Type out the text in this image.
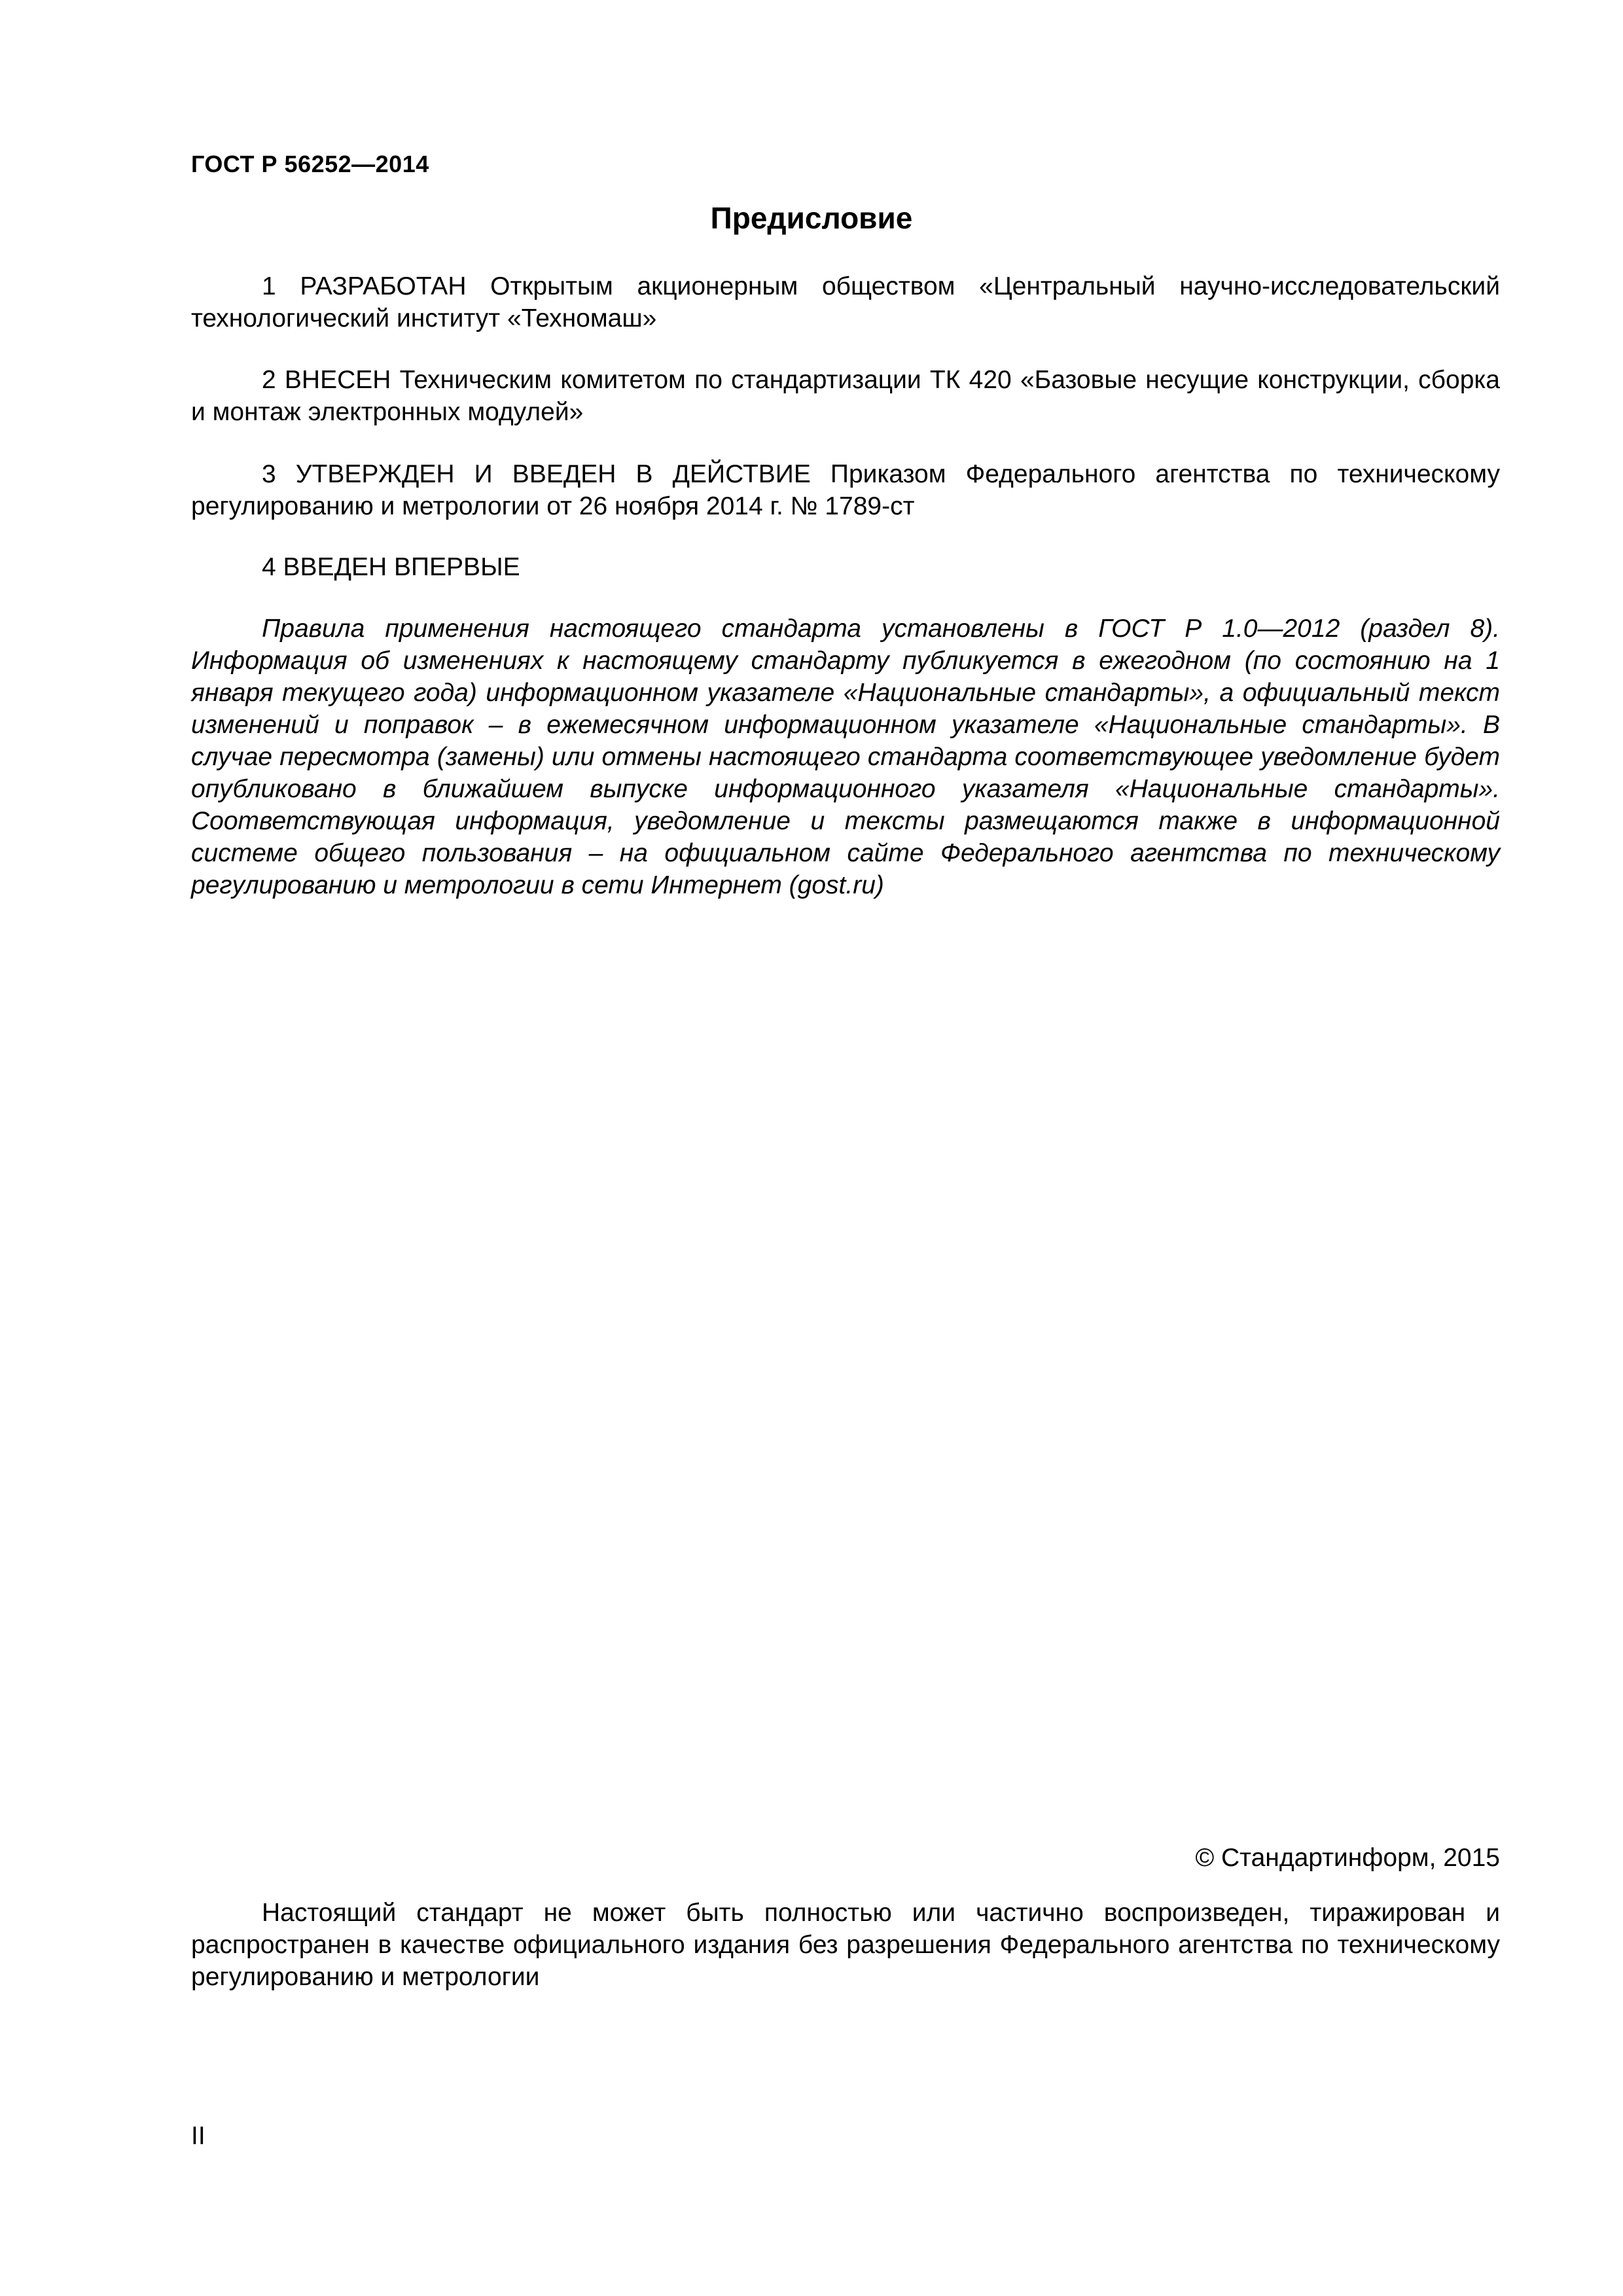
ГОСТ Р 56252—2014
Предисловие
1 РАЗРАБОТАН Открытым акционерным обществом «Центральный научно-исследовательский технологический институт «Техномаш»
2 ВНЕСЕН Техническим комитетом по стандартизации ТК 420 «Базовые несущие конструкции, сборка и монтаж электронных модулей»
3 УТВЕРЖДЕН И ВВЕДЕН В ДЕЙСТВИЕ Приказом Федерального агентства по техническому регулированию и метрологии от 26 ноября 2014 г. № 1789-ст
4 ВВЕДЕН ВПЕРВЫЕ
Правила применения настоящего стандарта установлены в ГОСТ Р 1.0—2012 (раздел 8). Информация об изменениях к настоящему стандарту публикуется в ежегодном (по состоянию на 1 января текущего года) информационном указателе «Национальные стандарты», а официальный текст изменений и поправок – в ежемесячном информационном указателе «Национальные стандарты». В случае пересмотра (замены) или отмены настоящего стандарта соответствующее уведомление будет опубликовано в ближайшем выпуске информационного указателя «Национальные стандарты». Соответствующая информация, уведомление и тексты размещаются также в информационной системе общего пользования – на официальном сайте Федерального агентства по техническому регулированию и метрологии в сети Интернет (gost.ru)
© Стандартинформ, 2015
Настоящий стандарт не может быть полностью или частично воспроизведен, тиражирован и распространен в качестве официального издания без разрешения Федерального агентства по техническому регулированию и метрологии
II
